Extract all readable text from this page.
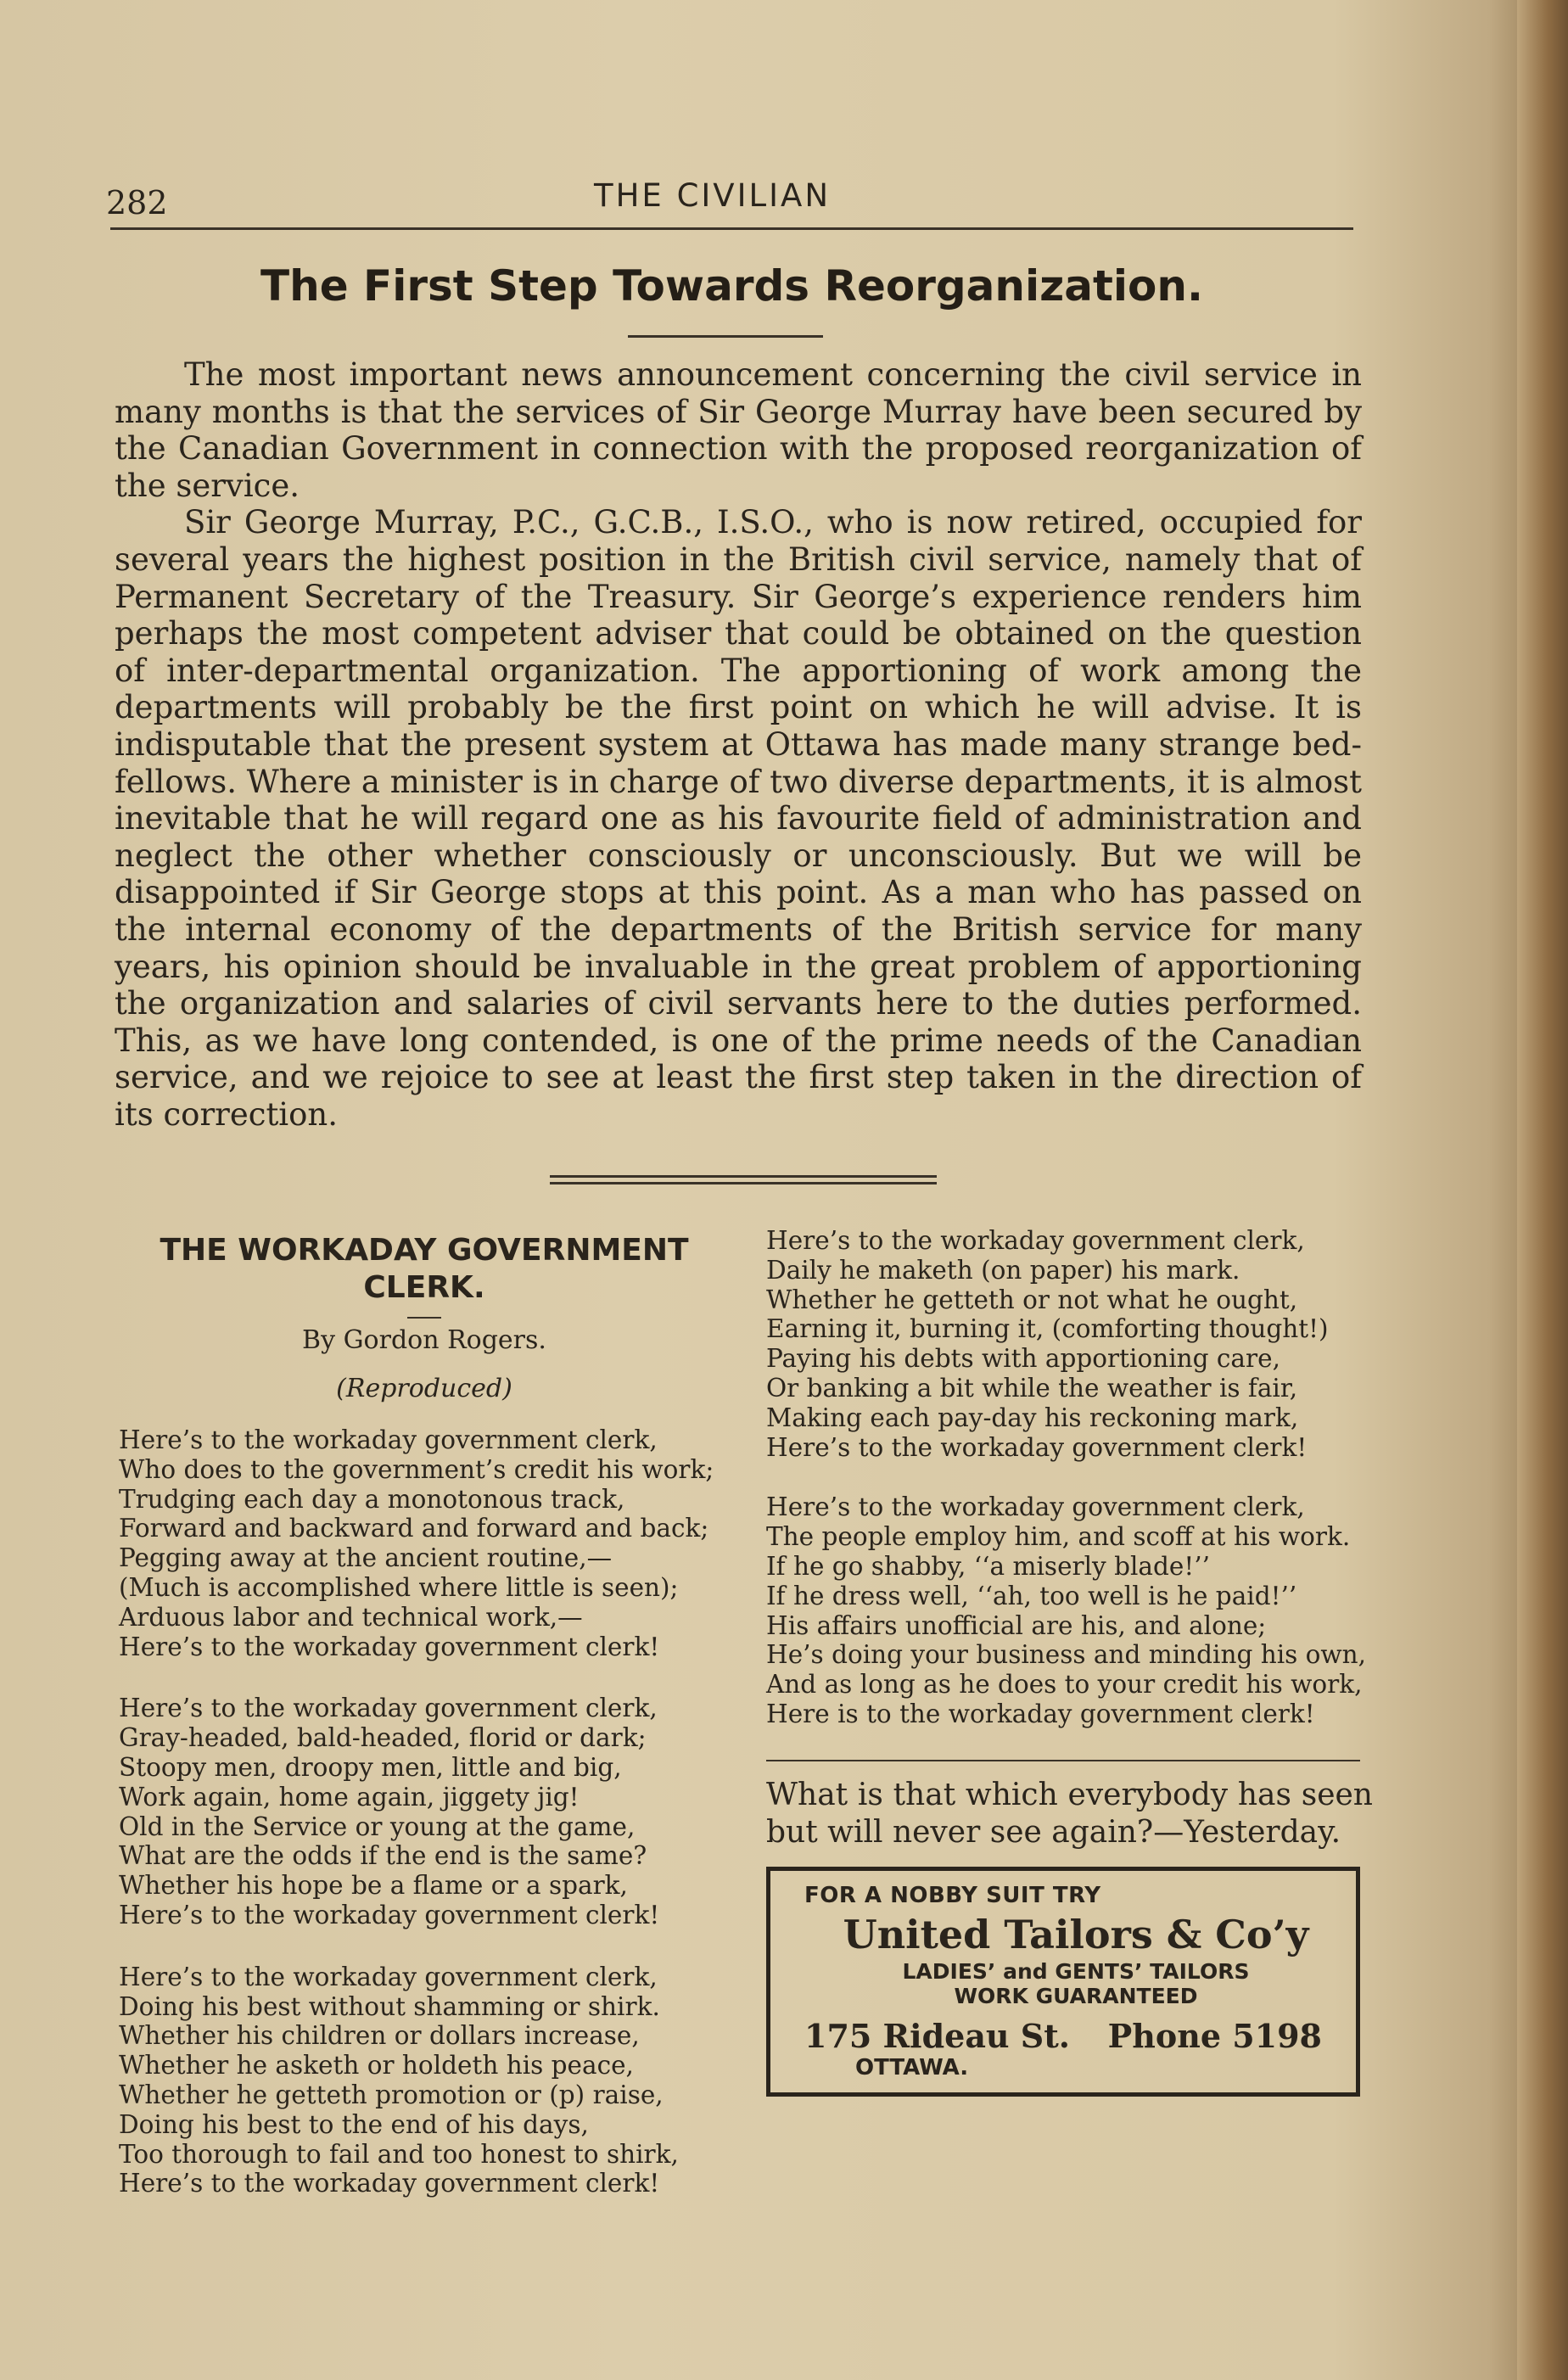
282	THE CIVILIAN
The First Step Towards Reorganization.

The most important news announcement concerning the civil service in many months is that the services of Sir George Murray have been secured by the Canadian Government in connection with the proposed reorganization of the service.

Sir George Murray, P.C., G.C.B., I.S.O., who is now retired, occupied for several years the highest position in the British civil service, namely that of Permanent Secretary of the Treasury. Sir George’s experience renders him perhaps the most competent adviser that could be obtained on the question of inter-departmental organization. The apportioning of work among the departments will probably be the first point on which he will advise. It is indisputable that the present system at Ottawa has made many strange bed-fellows. Where a minister is in charge of two diverse departments, it is almost inevitable that he will regard one as his favourite field of administration and neglect the other whether consciously or unconsciously. But we will be disappointed if Sir George stops at this point. As a man who has passed on the internal economy of the departments of the British service for many years, his opinion should be invaluable in the great problem of apportioning the organization and salaries of civil servants here to the duties performed. This, as we have long contended, is one of the prime needs of the Canadian service, and we rejoice to see at least the first step taken in the direction of its correction.

THE WORKADAY GOVERNMENT CLERK.
By Gordon Rogers.
(Reproduced)
Here’s to the workaday government clerk,
Who does to the government’s credit his work;
Trudging each day a monotonous track,
Forward and backward and forward and back;
Pegging away at the ancient routine,—
(Much is accomplished where little is seen);
Arduous labor and technical work,—
Here’s to the workaday government clerk!
Here’s to the workaday government clerk,
Gray-headed, bald-headed, florid or dark;
Stoopy men, droopy men, little and big,
Work again, home again, jiggety jig!
Old in the Service or young at the game,
What are the odds if the end is the same?
Whether his hope be a flame or a spark,
Here’s to the workaday government clerk!
Here’s to the workaday government clerk,
Doing his best without shamming or shirk.
Whether his children or dollars increase,
Whether he asketh or holdeth his peace,
Whether he getteth promotion or (p) raise,
Doing his best to the end of his days,
Too thorough to fail and too honest to shirk,
Here’s to the workaday government clerk!
Here’s to the workaday government clerk,
Daily he maketh (on paper) his mark.
Whether he getteth or not what he ought,
Earning it, burning it, (comforting thought!)
Paying his debts with apportioning care,
Or banking a bit while the weather is fair,
Making each pay-day his reckoning mark,
Here’s to the workaday government clerk!
Here’s to the workaday government clerk,
The people employ him, and scoff at his work.
If he go shabby, ‘‘a miserly blade!’’
If he dress well, ‘‘ah, too well is he paid!’’
His affairs unofficial are his, and alone;
He’s doing your business and minding his own,
And as long as he does to your credit his work,
Here is to the workaday government clerk!
What is that which everybody has seen but will never see again?—Yesterday.
FOR A NOBBY SUIT TRY
United Tailors & Co’y
LADIES’ and GENTS’ TAILORS
WORK GUARANTEED
175 Rideau St. Phone 5198
OTTAWA.
